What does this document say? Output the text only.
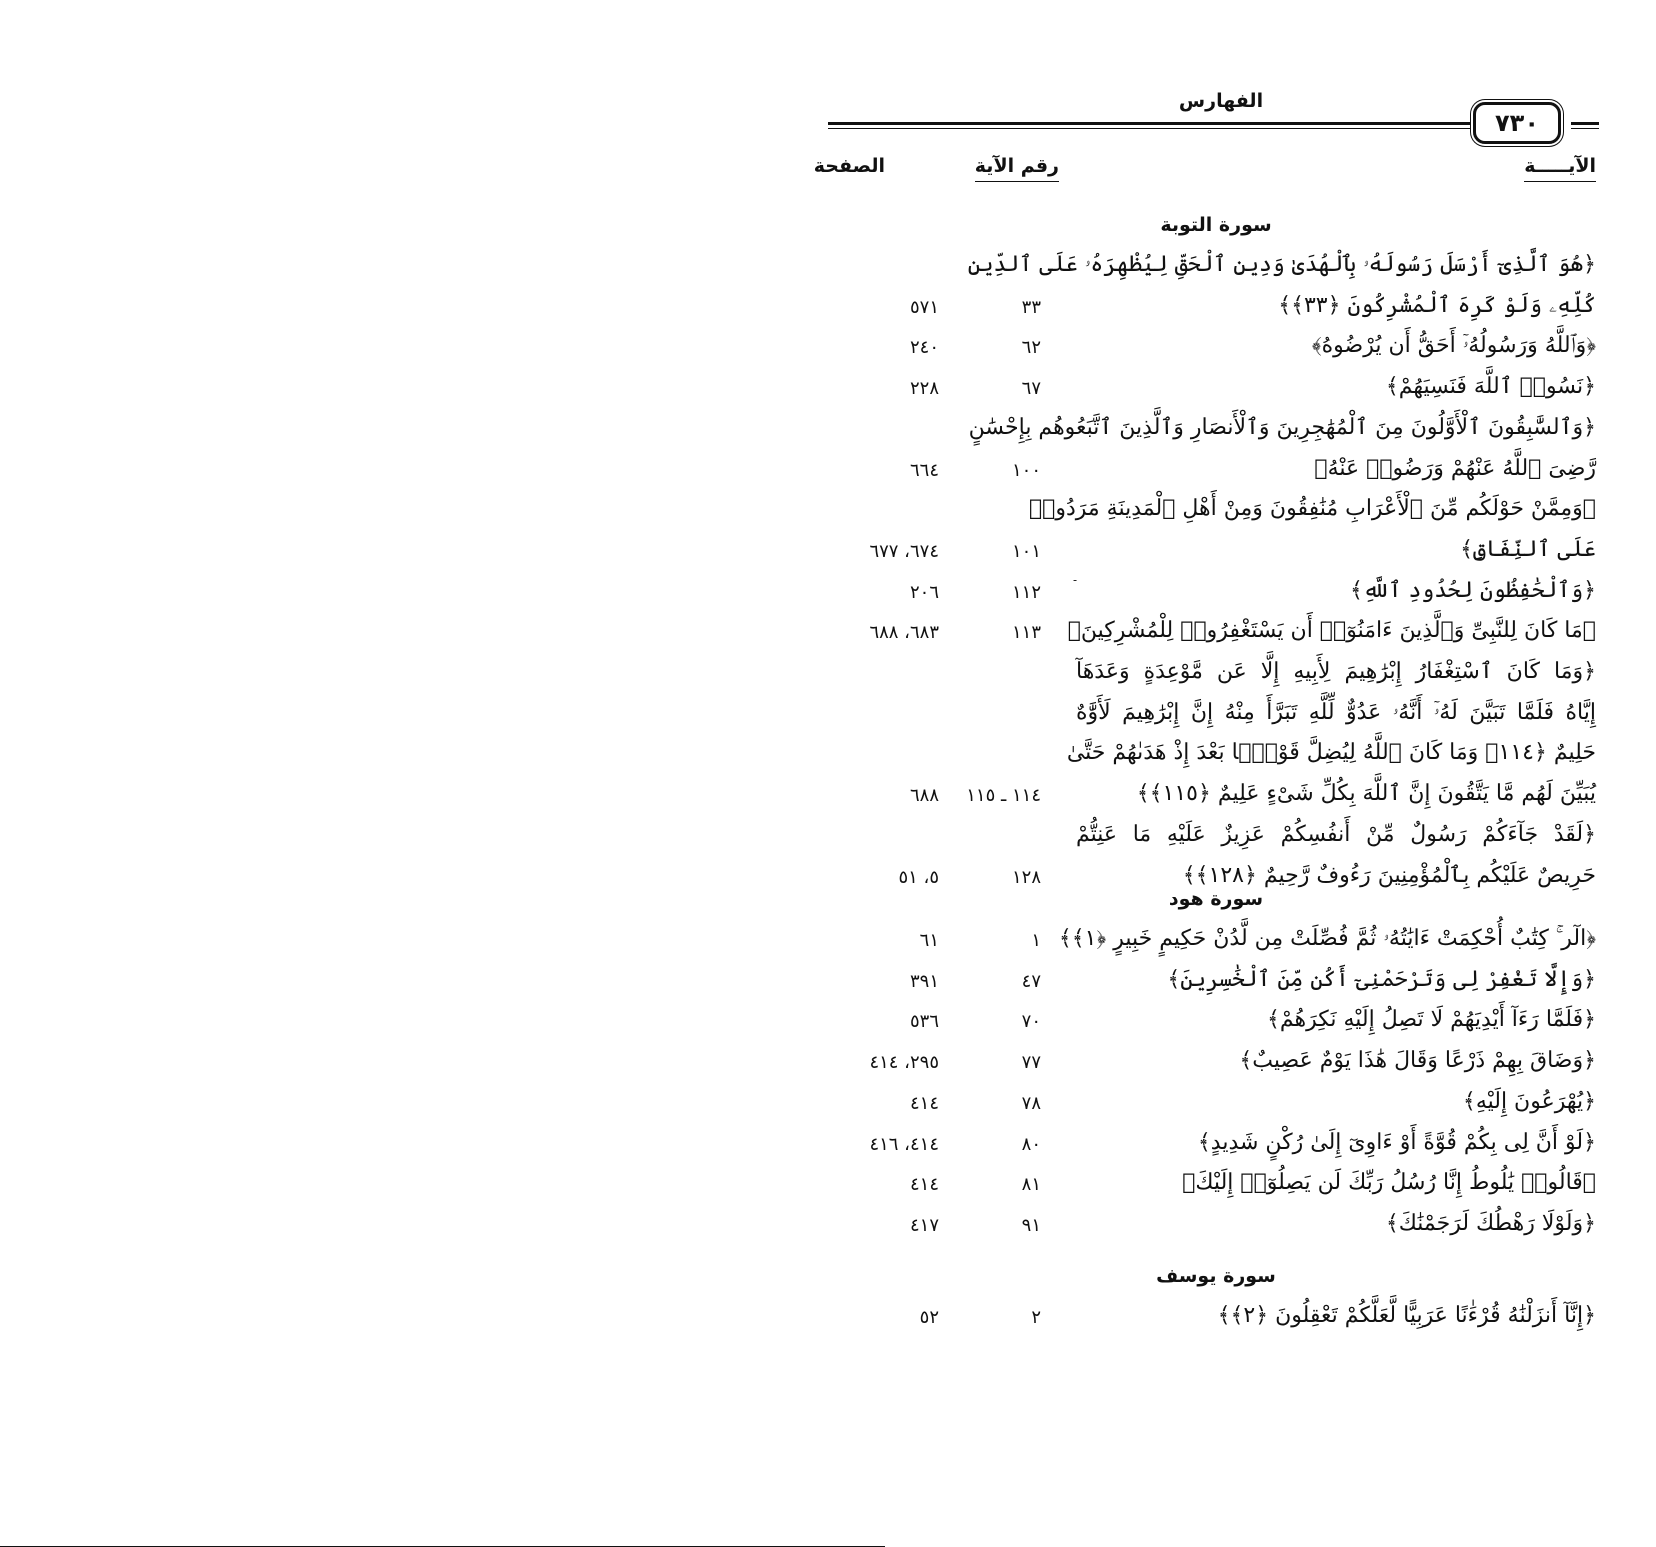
الفهارس
٧٣٠
الآيـــــة
رقم الآية
الصفحة
-
سورة التوبة
﴿هُوَ ٱلَّذِىٓ أَرْسَلَ رَسُولَهُۥ بِٱلْهُدَىٰ وَدِينِ ٱلْحَقِّ لِيُظْهِرَهُۥ عَلَى ٱلدِّينِ
كُلِّهِۦ وَلَوْ كَرِهَ ٱلْمُشْرِكُونَ ﴿٣٣﴾﴾
٣٣
٥٧١
﴿وَٱللَّهُ وَرَسُولُهُۥٓ أَحَقُّ أَن يُرْضُوهُ﴾
٦٢
٢٤٠
﴿نَسُوا۟ ٱللَّهَ فَنَسِيَهُمْ﴾
٦٧
٢٢٨
﴿وَٱلسَّٰبِقُونَ ٱلْأَوَّلُونَ مِنَ ٱلْمُهَٰجِرِينَ وَٱلْأَنصَارِ وَٱلَّذِينَ ٱتَّبَعُوهُم بِإِحْسَٰنٍ
رَّضِىَ ٱللَّهُ عَنْهُمْ وَرَضُوا۟ عَنْهُ﴾
١٠٠
٦٦٤
﴿وَمِمَّنْ حَوْلَكُم مِّنَ ٱلْأَعْرَابِ مُنَٰفِقُونَ وَمِنْ أَهْلِ ٱلْمَدِينَةِ مَرَدُوا۟
عَلَى ٱلنِّفَاقِ﴾
١٠١
٦٧٤، ٦٧٧
﴿وَٱلْحَٰفِظُونَ لِحُدُودِ ٱللَّهِ﴾
١١٢
٢٠٦
﴿مَا كَانَ لِلنَّبِىِّ وَٱلَّذِينَ ءَامَنُوٓا۟ أَن يَسْتَغْفِرُوا۟ لِلْمُشْرِكِينَ﴾
١١٣
٦٨٣، ٦٨٨
﴿وَمَا كَانَ ٱسْتِغْفَارُ إِبْرَٰهِيمَ لِأَبِيهِ إِلَّا عَن مَّوْعِدَةٍ وَعَدَهَآ
إِيَّاهُ فَلَمَّا تَبَيَّنَ لَهُۥٓ أَنَّهُۥ عَدُوٌّ لِّلَّهِ تَبَرَّأَ مِنْهُ إِنَّ إِبْرَٰهِيمَ لَأَوَّٰهٌ
حَلِيمٌ ﴿١١٤﴾ وَمَا كَانَ ٱللَّهُ لِيُضِلَّ قَوْمًۢا بَعْدَ إِذْ هَدَىٰهُمْ حَتَّىٰ
يُبَيِّنَ لَهُم مَّا يَتَّقُونَ إِنَّ ٱللَّهَ بِكُلِّ شَىْءٍ عَلِيمٌ ﴿١١٥﴾﴾
١١٤ ـ ١١٥
٦٨٨
﴿لَقَدْ جَآءَكُمْ رَسُولٌ مِّنْ أَنفُسِكُمْ عَزِيزٌ عَلَيْهِ مَا عَنِتُّمْ
حَرِيصٌ عَلَيْكُم بِٱلْمُؤْمِنِينَ رَءُوفٌ رَّحِيمٌ ﴿١٢٨﴾﴾
١٢٨
٥، ٥١
سورة هود
﴿الٓر ۚ كِتَٰبٌ أُحْكِمَتْ ءَايَٰتُهُۥ ثُمَّ فُصِّلَتْ مِن لَّدُنْ حَكِيمٍ خَبِيرٍ ﴿١﴾﴾
١
٦١
﴿وَإِلَّا تَغْفِرْ لِى وَتَرْحَمْنِىٓ أَكُن مِّنَ ٱلْخَٰسِرِينَ﴾
٤٧
٣٩١
﴿فَلَمَّا رَءَآ أَيْدِيَهُمْ لَا تَصِلُ إِلَيْهِ نَكِرَهُمْ﴾
٧٠
٥٣٦
﴿وَضَاقَ بِهِمْ ذَرْعًا وَقَالَ هَٰذَا يَوْمٌ عَصِيبٌ﴾
٧٧
٢٩٥، ٤١٤
﴿يُهْرَعُونَ إِلَيْهِ﴾
٧٨
٤١٤
﴿لَوْ أَنَّ لِى بِكُمْ قُوَّةً أَوْ ءَاوِىٓ إِلَىٰ رُكْنٍ شَدِيدٍ﴾
٨٠
٤١٤، ٤١٦
﴿قَالُوا۟ يَٰلُوطُ إِنَّا رُسُلُ رَبِّكَ لَن يَصِلُوٓا۟ إِلَيْكَ﴾
٨١
٤١٤
﴿وَلَوْلَا رَهْطُكَ لَرَجَمْنَٰكَ﴾
٩١
٤١٧
سورة يوسف
﴿إِنَّآ أَنزَلْنَٰهُ قُرْءَٰنًا عَرَبِيًّا لَّعَلَّكُمْ تَعْقِلُونَ ﴿٢﴾﴾
٢
٥٢
